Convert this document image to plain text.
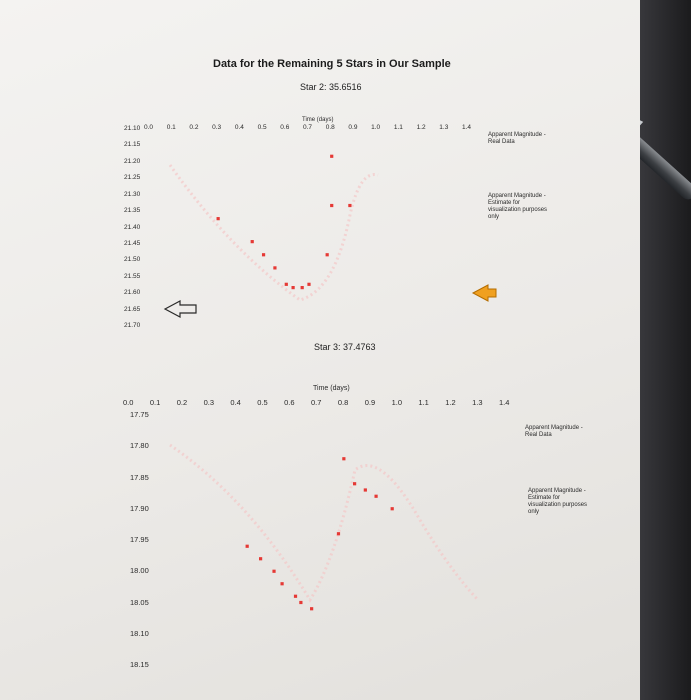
Data for the Remaining 5 Stars in Our Sample
Star 2: 35.6516
Time (days)
0.0 0.1 0.2 0.3 0.4 0.5 0.6 0.7 0.8 0.9 1.0 1.1 1.2 1.3 1.4
21.10
21.15
21.20
21.25
21.30
21.35
21.40
21.45
21.50
21.55
21.60
21.65
21.70
Apparent Magnitude - Real Data
Apparent Magnitude - Estimate for visualization purposes only
Star 3: 37.4763
Time (days)
0.0 0.1 0.2 0.3 0.4 0.5 0.6 0.7 0.8 0.9 1.0 1.1 1.2 1.3 1.4
17.75
17.80
17.85
17.90
17.95
18.00
18.05
18.10
18.15
Apparent Magnitude - Real Data
Apparent Magnitude - Estimate for visualization purposes only
